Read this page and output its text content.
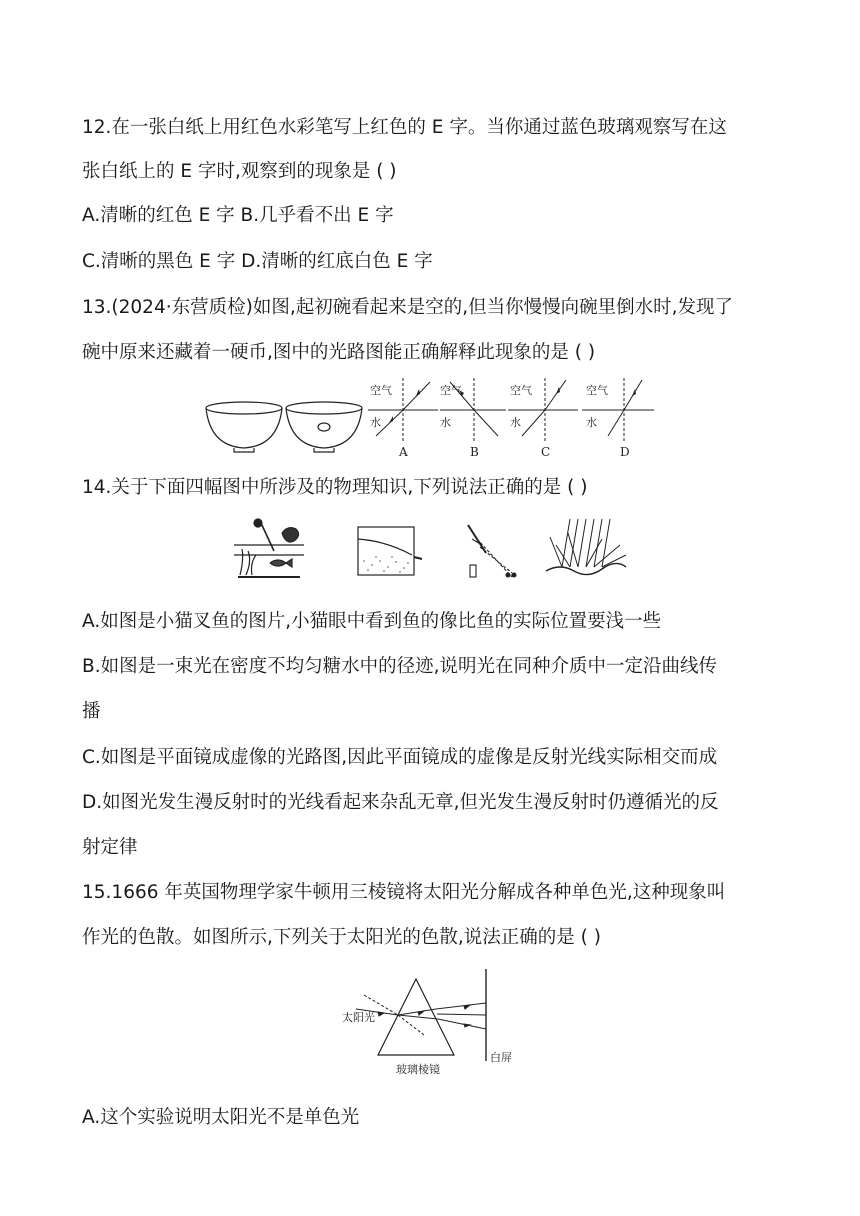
12.在一张白纸上用红色水彩笔写上红色的 E 字。当你通过蓝色玻璃观察写在这
张白纸上的 E 字时,观察到的现象是 ( )
A.清晰的红色 E 字 B.几乎看不出 E 字
C.清晰的黑色 E 字 D.清晰的红底白色 E 字
13.(2024·东营质检)如图,起初碗看起来是空的,但当你慢慢向碗里倒水时,发现了
碗中原来还藏着一硬币,图中的光路图能正确解释此现象的是 ( )
空气
水
A
空气
水
B
空气
水
C
空气
水
D
14.关于下面四幅图中所涉及的物理知识,下列说法正确的是 ( )
A.如图是小猫叉鱼的图片,小猫眼中看到鱼的像比鱼的实际位置要浅一些
B.如图是一束光在密度不均匀糖水中的径迹,说明光在同种介质中一定沿曲线传
播
C.如图是平面镜成虚像的光路图,因此平面镜成的虚像是反射光线实际相交而成
D.如图光发生漫反射时的光线看起来杂乱无章,但光发生漫反射时仍遵循光的反
射定律
15.1666 年英国物理学家牛顿用三棱镜将太阳光分解成各种单色光,这种现象叫
作光的色散。如图所示,下列关于太阳光的色散,说法正确的是 ( )
太阳光
玻璃棱镜
白屏
A.这个实验说明太阳光不是单色光
